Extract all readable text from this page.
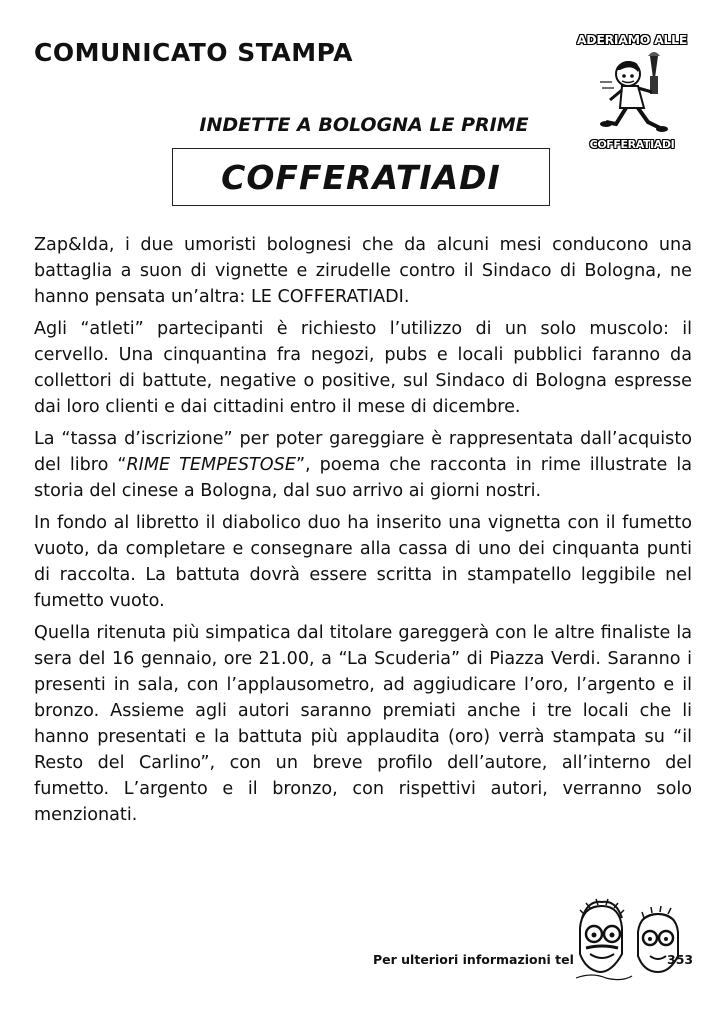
COMUNICATO STAMPA	ADERIAMO ALLE
COFFERATIADI
INDETTE A BOLOGNA LE PRIME
COFFERATIADI

Zap&Ida, i due umoristi bolognesi che da alcuni mesi conducono una battaglia a suon di vignette e zirudelle contro il Sindaco di Bologna, ne hanno pensata un’altra: LE COFFERATIADI.

Agli “atleti” partecipanti è richiesto l’utilizzo di un solo muscolo: il cervello. Una cinquantina fra negozi, pubs e locali pubblici faranno da collettori di battute, negative o positive, sul Sindaco di Bologna espresse dai loro clienti e dai cittadini entro il mese di dicembre.

La “tassa d’iscrizione” per poter gareggiare è rappresentata dall’acquisto del libro “RIME TEMPESTOSE”, poema che racconta in rime illustrate la storia del cinese a Bologna, dal suo arrivo ai giorni nostri.

In fondo al libretto il diabolico duo ha inserito una vignetta con il fumetto vuoto, da completare e consegnare alla cassa di uno dei cinquanta punti di raccolta. La battuta dovrà essere scritta in stampatello leggibile nel fumetto vuoto.

Quella ritenuta più simpatica dal titolare gareggerà con le altre finaliste la sera del 16 gennaio, ore 21.00, a “La Scuderia” di Piazza Verdi. Saranno i presenti in sala, con l’applausometro, ad aggiudicare l’oro, l’argento e il bronzo. Assieme agli autori saranno premiati anche i tre locali che li hanno presentati e la battuta più applaudita (oro) verrà stampata su “il Resto del Carlino”, con un breve profilo dell’autore, all’interno del fumetto. L’argento e il bronzo, con rispettivi autori, verranno solo menzionati.

Per ulteriori informazioni tel	353
